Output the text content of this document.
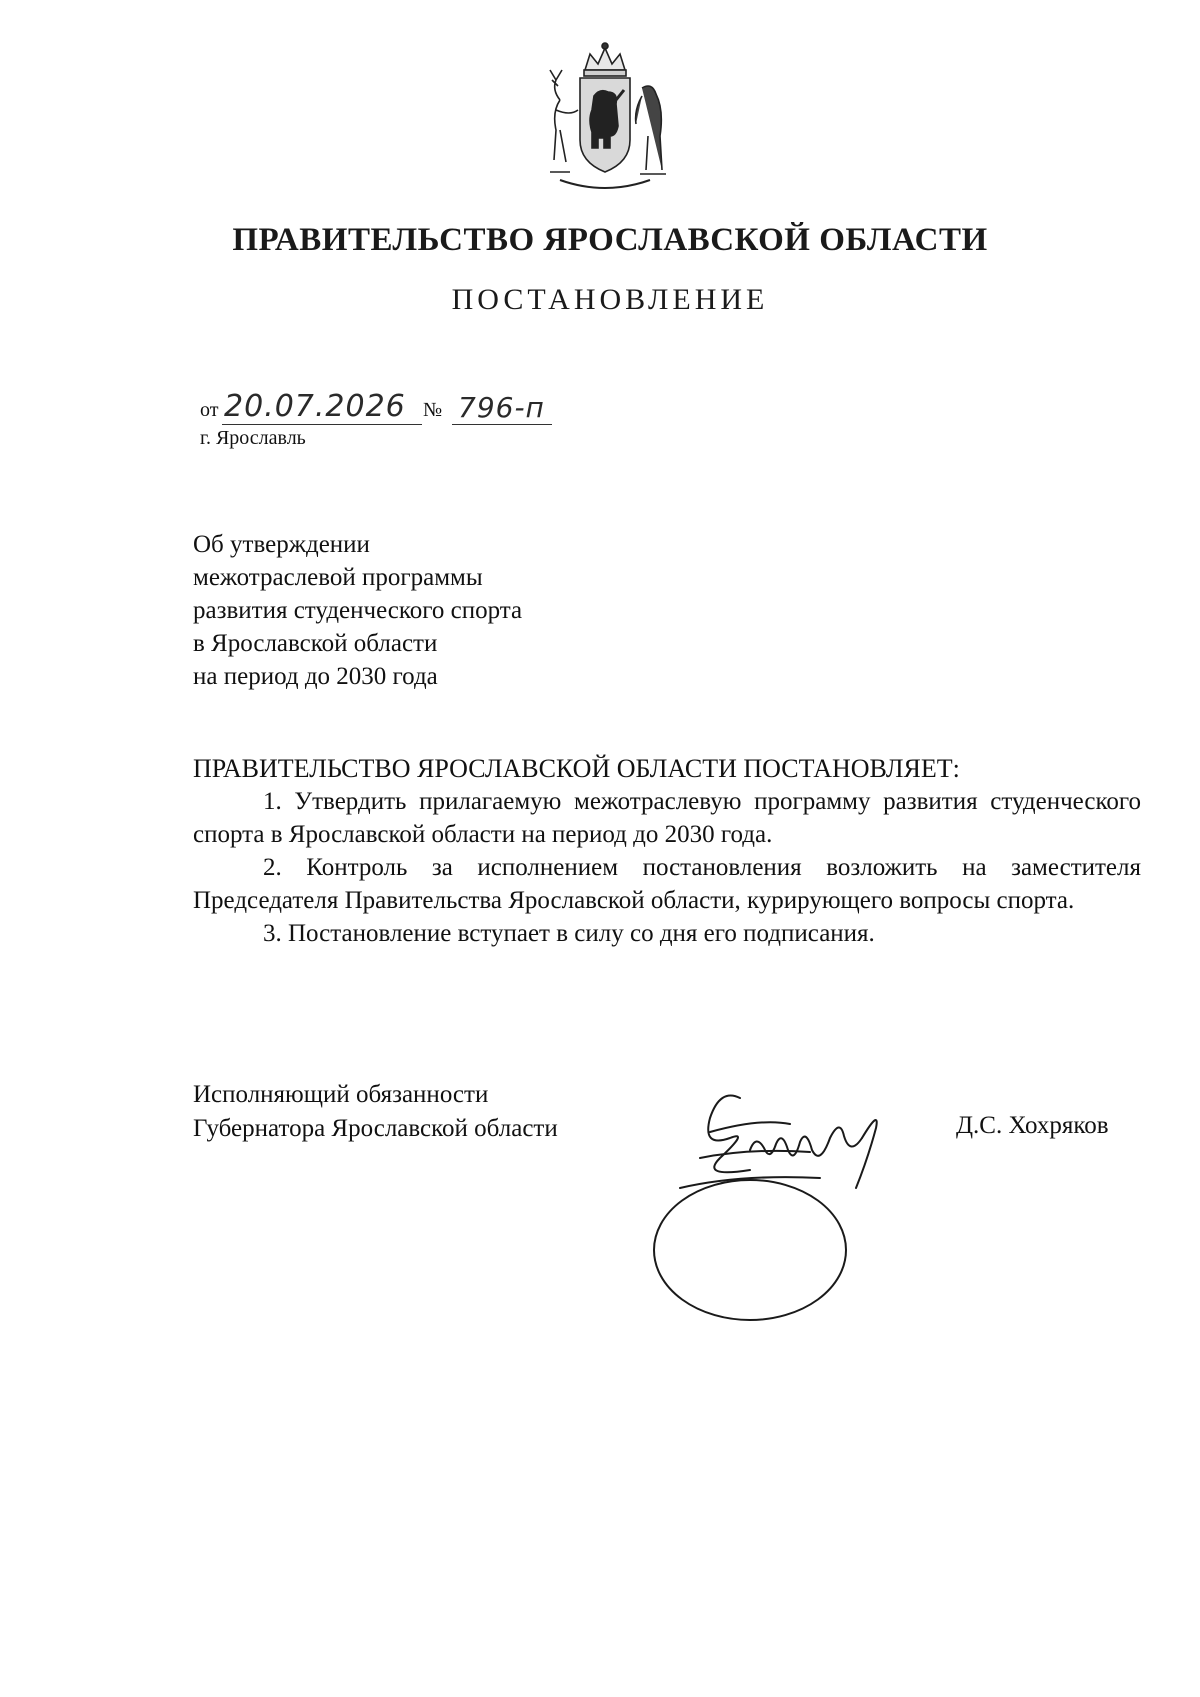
ПРАВИТЕЛЬСТВО ЯРОСЛАВСКОЙ ОБЛАСТИ
ПОСТАНОВЛЕНИЕ
от 20.07.2026 № 796-п
г. Ярославль
Об утверждении
межотраслевой программы
развития студенческого спорта
в Ярославской области
на период до 2030 года
ПРАВИТЕЛЬСТВО ЯРОСЛАВСКОЙ ОБЛАСТИ ПОСТАНОВЛЯЕТ:
1. Утвердить прилагаемую межотраслевую программу развития студенческого спорта в Ярославской области на период до 2030 года.
2. Контроль за исполнением постановления возложить на заместителя Председателя Правительства Ярославской области, курирующего вопросы спорта.
3. Постановление вступает в силу со дня его подписания.
Исполняющий обязанности
Губернатора Ярославской области	Д.С. Хохряков
